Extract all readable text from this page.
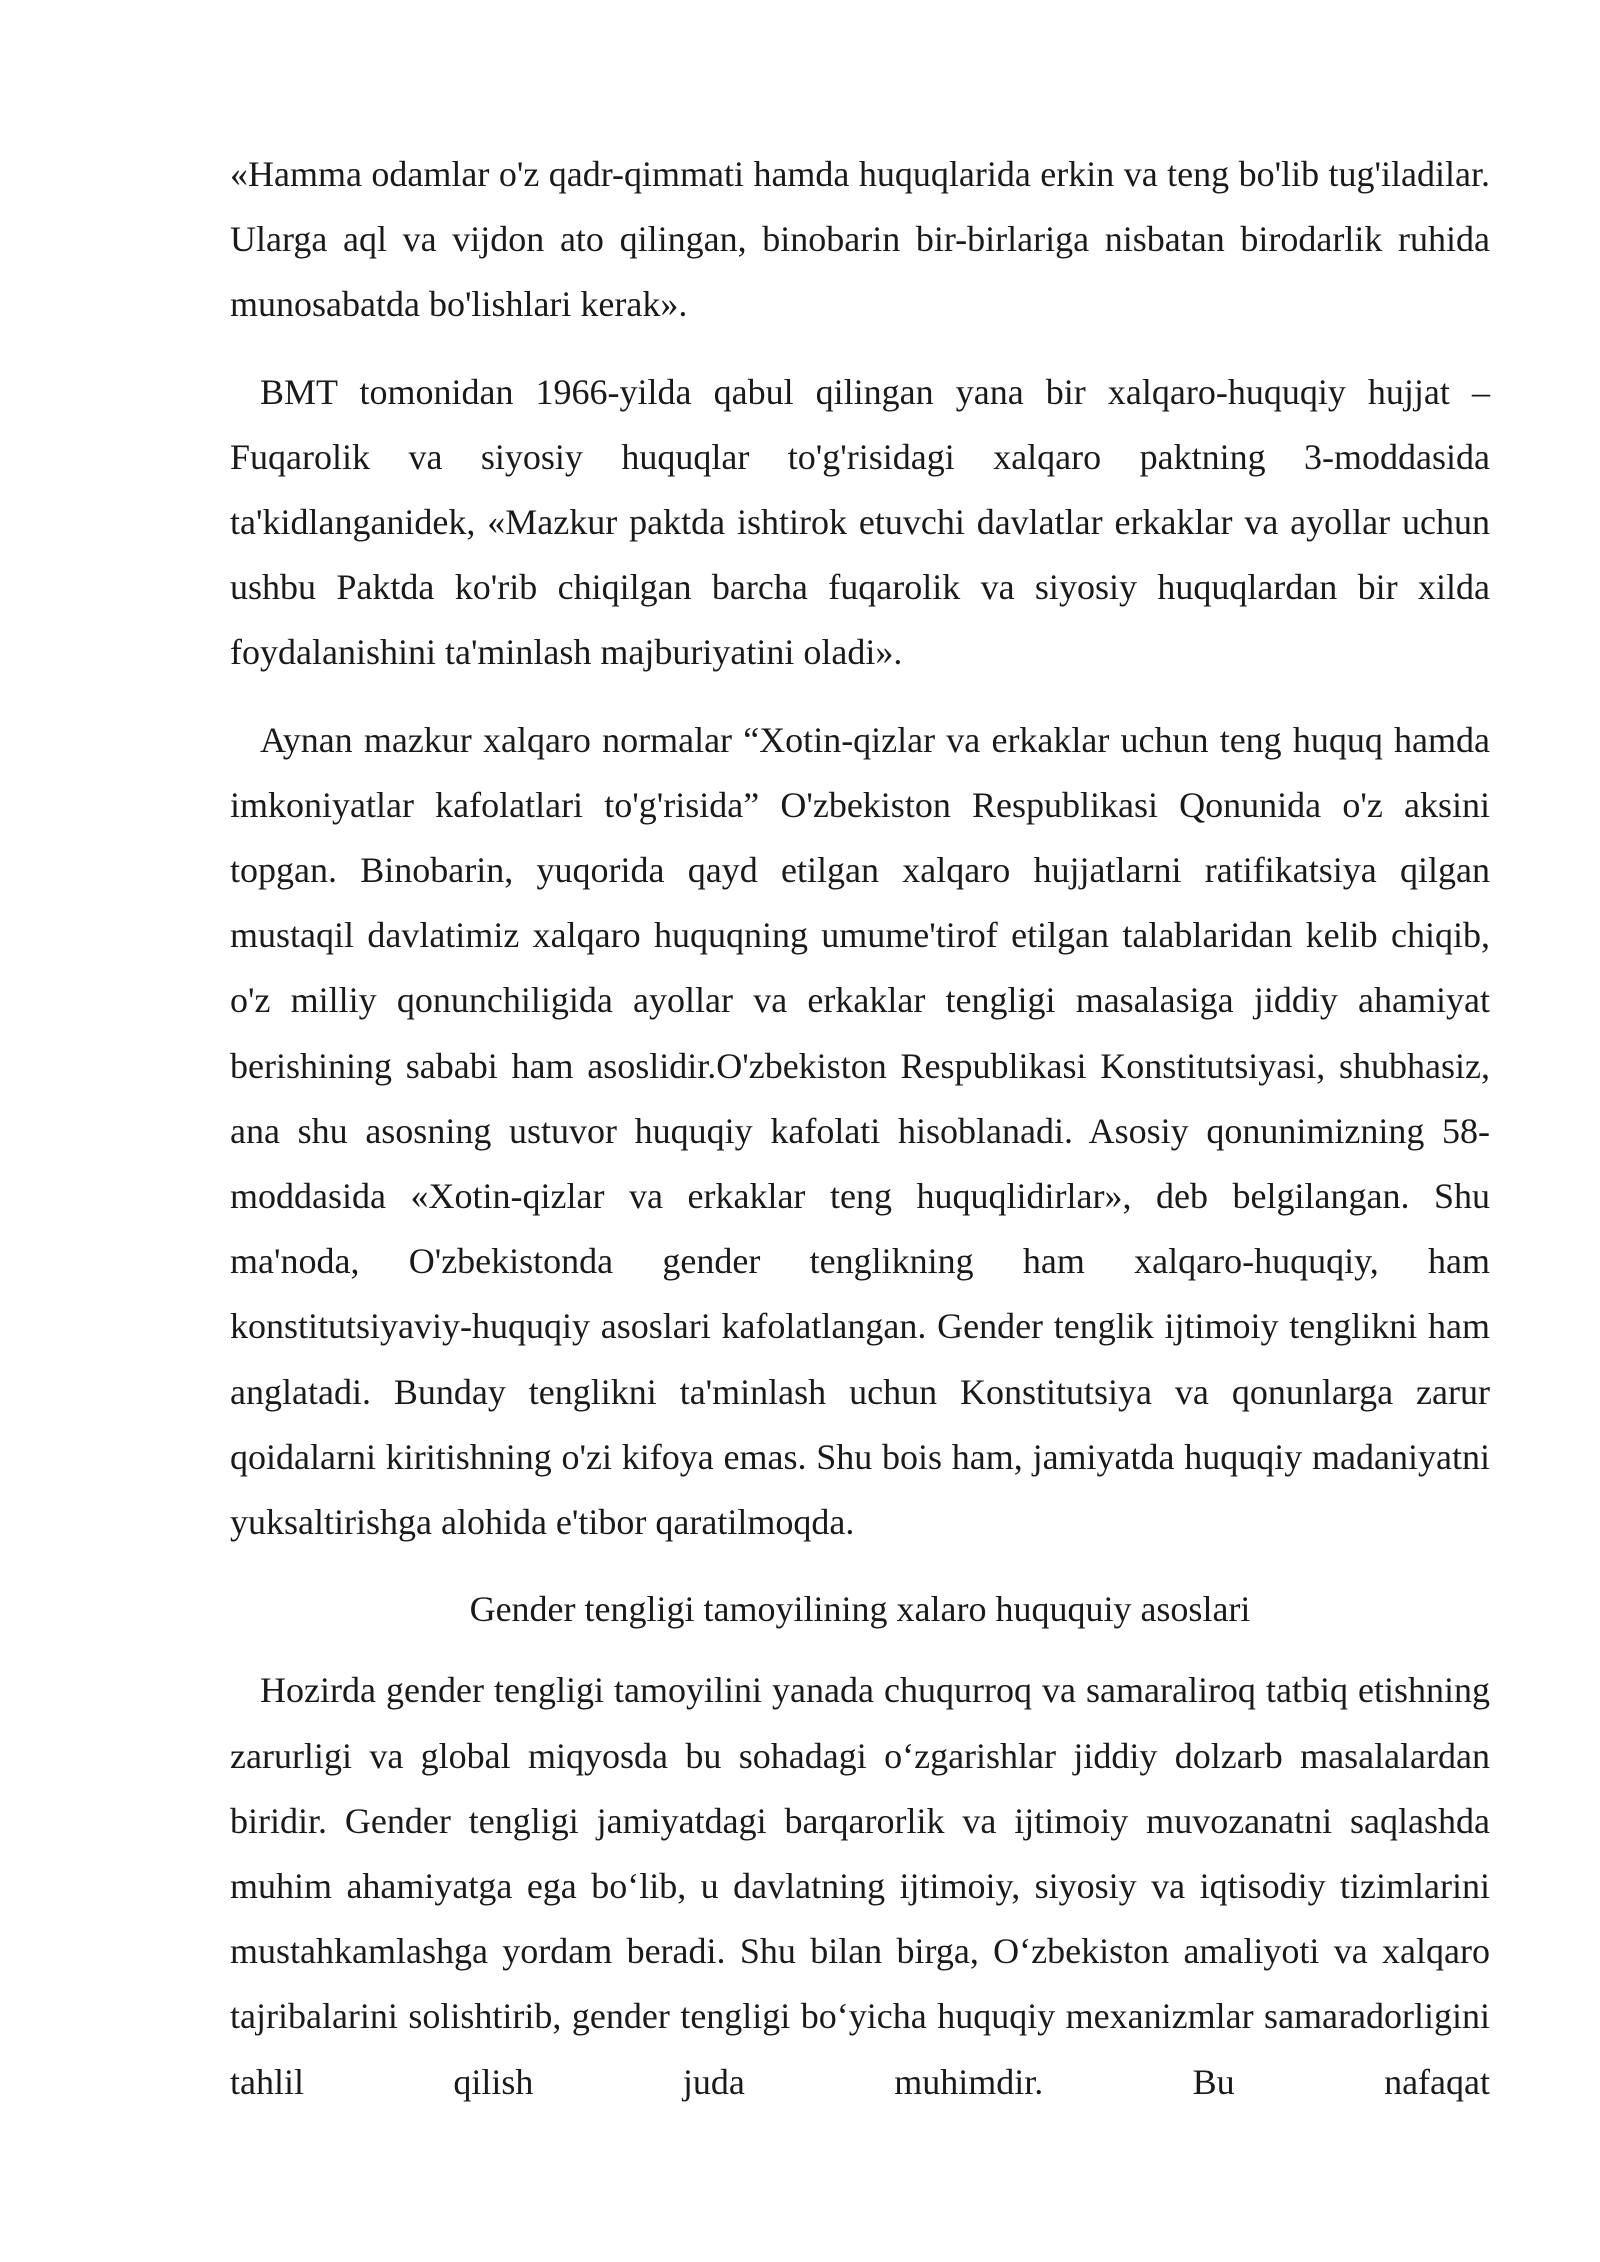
«Hamma odamlar o'z qadr-qimmati hamda huquqlarida erkin va teng bo'lib tug'iladilar. Ularga aql va vijdon ato qilingan, binobarin bir-birlariga nisbatan birodarlik ruhida munosabatda bo'lishlari kerak».

BMT tomonidan 1966-yilda qabul qilingan yana bir xalqaro-huquqiy hujjat – Fuqarolik va siyosiy huquqlar to'g'risidagi xalqaro paktning 3-moddasida ta'kidlanganidek, «Mazkur paktda ishtirok etuvchi davlatlar erkaklar va ayollar uchun ushbu Paktda ko'rib chiqilgan barcha fuqarolik va siyosiy huquqlardan bir xilda foydalanishini ta'minlash majburiyatini oladi».

Aynan mazkur xalqaro normalar “Xotin-qizlar va erkaklar uchun teng huquq hamda imkoniyatlar kafolatlari to'g'risida” O'zbekiston Respublikasi Qonunida o'z aksini topgan. Binobarin, yuqorida qayd etilgan xalqaro hujjatlarni ratifikatsiya qilgan mustaqil davlatimiz xalqaro huquqning umume'tirof etilgan talablaridan kelib chiqib, o'z milliy qonunchiligida ayollar va erkaklar tengligi masalasiga jiddiy ahamiyat berishining sababi ham asoslidir.O'zbekiston Respublikasi Konstitutsiyasi, shubhasiz, ana shu asosning ustuvor huquqiy kafolati hisoblanadi. Asosiy qonunimizning 58-moddasida «Xotin-qizlar va erkaklar teng huquqlidirlar», deb belgilangan. Shu ma'noda, O'zbekistonda gender tenglikning ham xalqaro-huquqiy, ham konstitutsiyaviy-huquqiy asoslari kafolatlangan. Gender tenglik ijtimoiy tenglikni ham anglatadi. Bunday tenglikni ta'minlash uchun Konstitutsiya va qonunlarga zarur qoidalarni kiritishning o'zi kifoya emas. Shu bois ham, jamiyatda huquqiy madaniyatni yuksaltirishga alohida e'tibor qaratilmoqda.

Gender tengligi tamoyilining xalaro huququiy asoslari

Hozirda gender tengligi tamoyilini yanada chuqurroq va samaraliroq tatbiq etishning zarurligi va global miqyosda bu sohadagi oʻzgarishlar jiddiy dolzarb masalalardan biridir. Gender tengligi jamiyatdagi barqarorlik va ijtimoiy muvozanatni saqlashda muhim ahamiyatga ega boʻlib, u davlatning ijtimoiy, siyosiy va iqtisodiy tizimlarini mustahkamlashga yordam beradi. Shu bilan birga, Oʻzbekiston amaliyoti va xalqaro tajribalarini solishtirib, gender tengligi boʻyicha huquqiy mexanizmlar samaradorligini tahlil qilish juda muhimdir. Bu nafaqat
